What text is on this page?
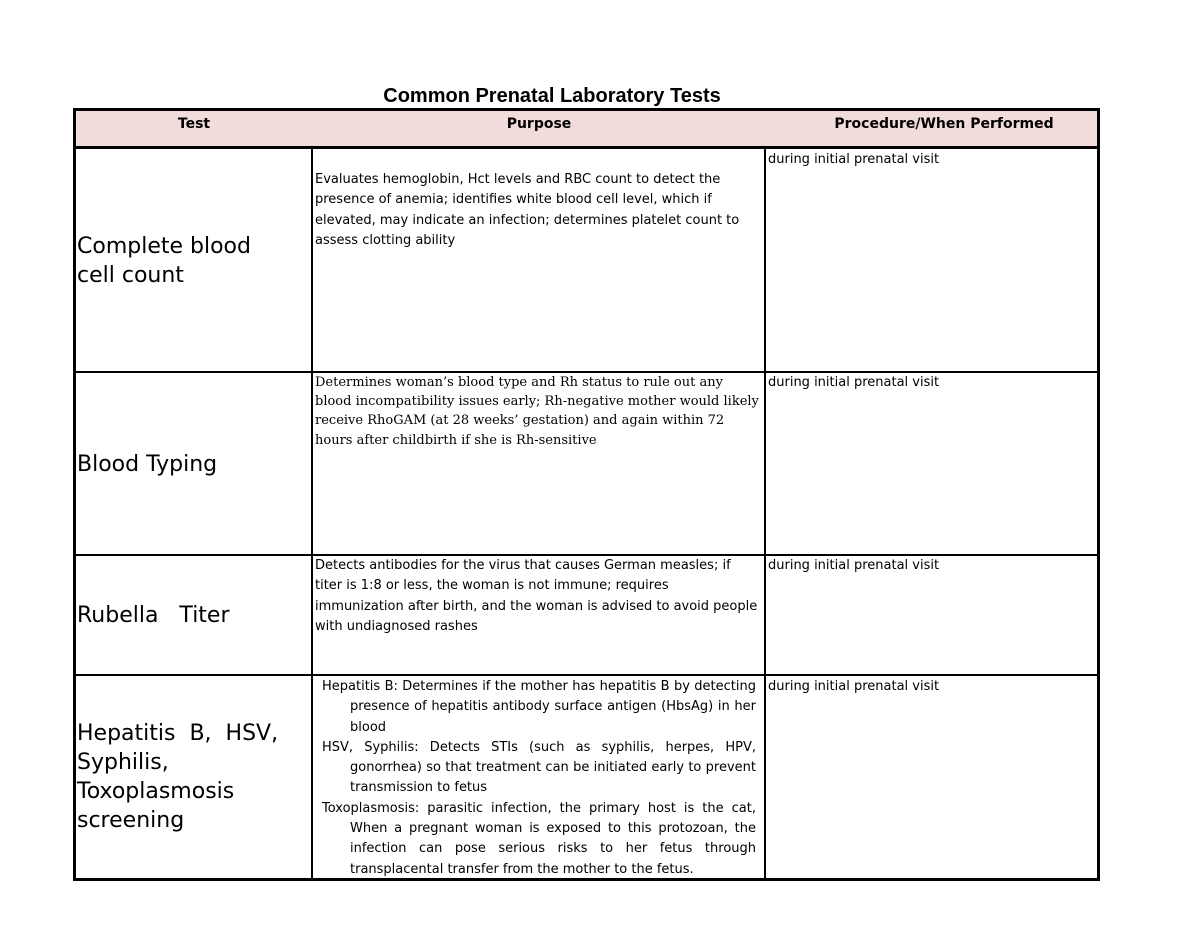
Common Prenatal Laboratory Tests
Test	Purpose	Procedure/When Performed
Complete blood
cell count
Evaluates hemoglobin, Hct levels and RBC count to detect the presence of anemia; identifies white blood cell level, which if elevated, may indicate an infection; determines platelet count to assess clotting ability
during initial prenatal visit
Blood Typing
Determines woman’s blood type and Rh status to rule out any blood incompatibility issues early; Rh-negative mother would likely receive RhoGAM (at 28 weeks’ gestation) and again within 72 hours after childbirth if she is Rh-sensitive
during initial prenatal visit
Rubella   Titer
Detects antibodies for the virus that causes German measles; if titer is 1:8 or less, the woman is not immune; requires immunization after birth, and the woman is advised to avoid people with undiagnosed rashes
during initial prenatal visit
Hepatitis  B,  HSV,
Syphilis,
Toxoplasmosis
screening

Hepatitis B: Determines if the mother has hepatitis B by detecting presence of hepatitis antibody surface antigen (HbsAg) in her blood

HSV, Syphilis: Detects STIs (such as syphilis, herpes, HPV, gonorrhea) so that treatment can be initiated early to prevent transmission to fetus

Toxoplasmosis: parasitic infection, the primary host is the cat, When a pregnant woman is exposed to this protozoan, the infection can pose serious risks to her fetus through transplacental transfer from the mother to the fetus.

during initial prenatal visit
